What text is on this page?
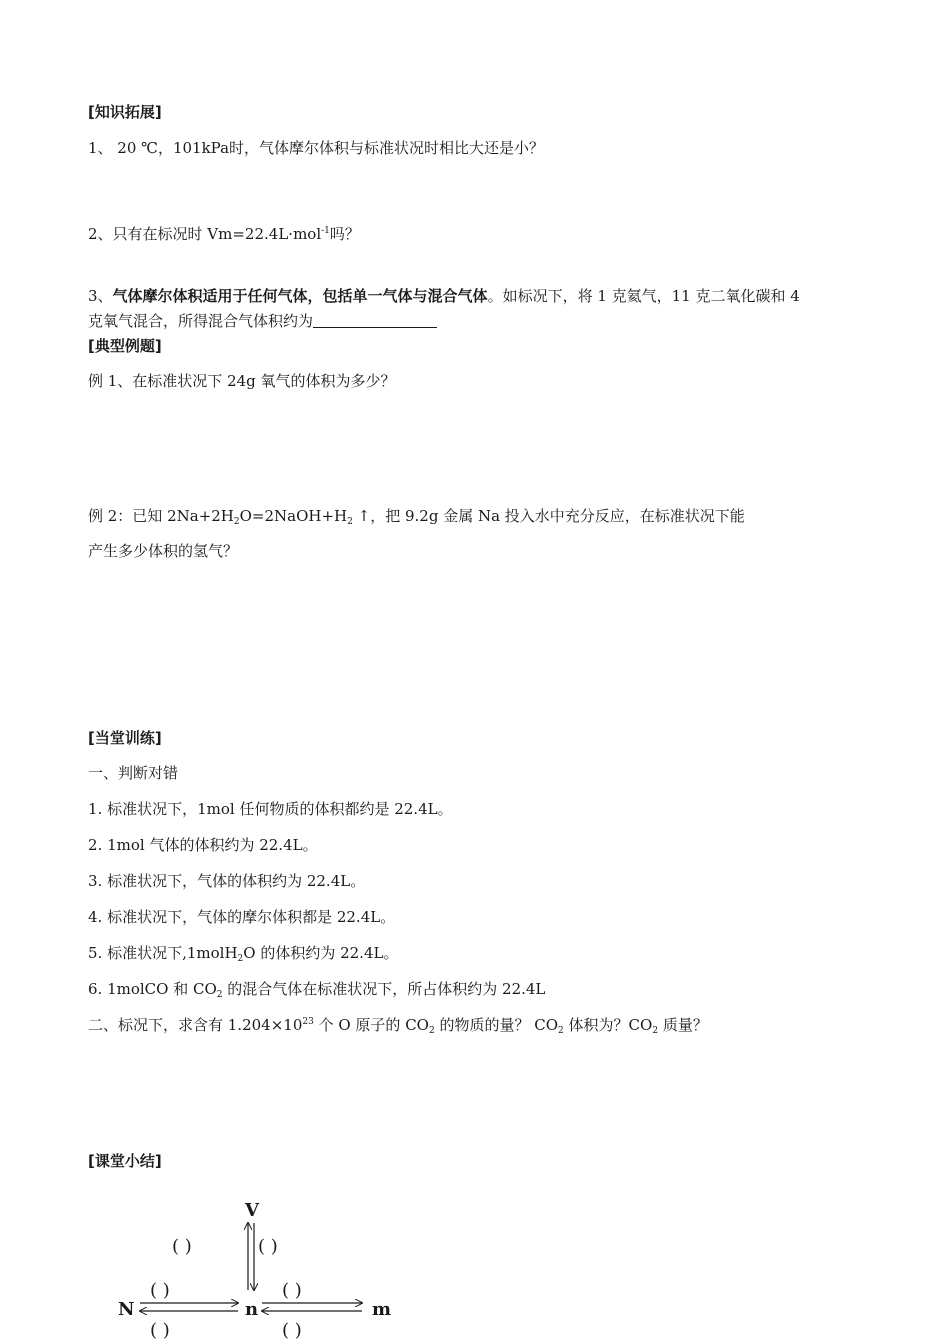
[知识拓展]
1、 20 ℃，101kPa时，气体摩尔体积与标准状况时相比大还是小？
2、只有在标况时 Vm=22.4L·mol$^{-1}$吗？
3、气体摩尔体积适用于任何气体，包括单一气体与混合气体。如标况下，将 1 克氦气，11 克二氧化碳和 4
克氧气混合，所得混合气体积约为
[典型例题]
例 1、在标准状况下 24g 氧气的体积为多少？
例 2：已知 $2Na+2H_2O=2NaOH+H_2$ ↑，把 9.2g 金属 Na 投入水中充分反应，在标准状况下能
产生多少体积的氢气？
[当堂训练]
一、判断对错
1. 标准状况下，1mol 任何物质的体积都约是 22.4L。
2. 1mol 气体的体积约为 22.4L。
3. 标准状况下，气体的体积约为 22.4L。
4. 标准状况下，气体的摩尔体积都是 22.4L。
5. 标准状况下,1molH$_2$O 的体积约为 22.4L。
6. 1molCO 和 $CO_2$ 的混合气体在标准状况下，所占体积约为 22.4L
二、标况下，求含有 $1.204\times 10^{23}$ 个 O 原子的 $CO_2$ 的物质的量？ $CO_2$ 体积为？$CO_2$ 质量？
[课堂小结]
V
( )	( )
N	n	m
( )	( )
( )	( )
